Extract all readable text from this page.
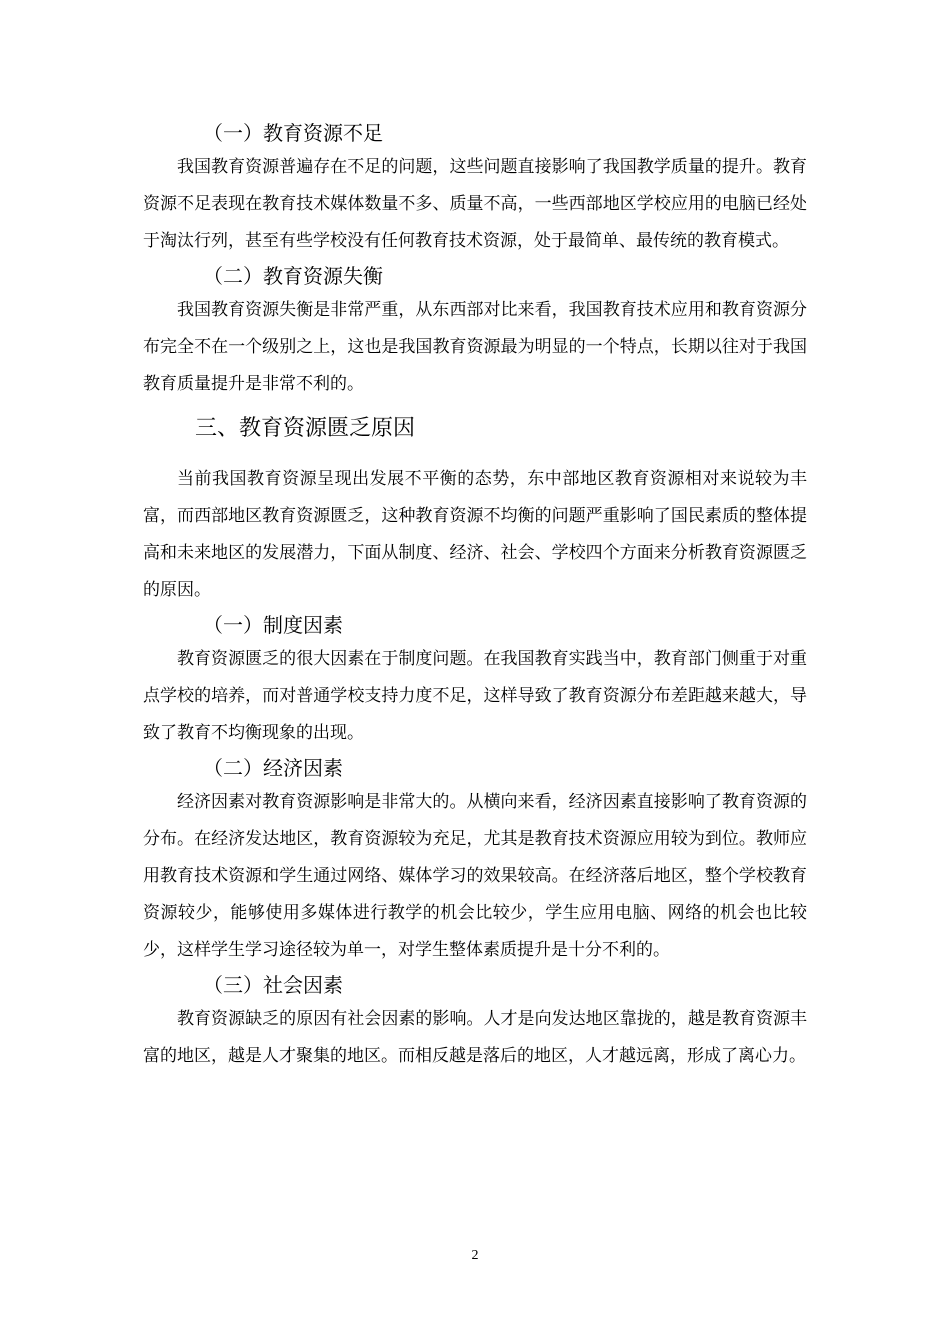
（一）教育资源不足

我国教育资源普遍存在不足的问题，这些问题直接影响了我国教学质量的提升。教育资源不足表现在教育技术媒体数量不多、质量不高，一些西部地区学校应用的电脑已经处于淘汰行列，甚至有些学校没有任何教育技术资源，处于最简单、最传统的教育模式。

（二）教育资源失衡

我国教育资源失衡是非常严重，从东西部对比来看，我国教育技术应用和教育资源分布完全不在一个级别之上，这也是我国教育资源最为明显的一个特点，长期以往对于我国教育质量提升是非常不利的。

三、教育资源匮乏原因

当前我国教育资源呈现出发展不平衡的态势，东中部地区教育资源相对来说较为丰富，而西部地区教育资源匮乏，这种教育资源不均衡的问题严重影响了国民素质的整体提高和未来地区的发展潜力，下面从制度、经济、社会、学校四个方面来分析教育资源匮乏的原因。

（一）制度因素

教育资源匮乏的很大因素在于制度问题。在我国教育实践当中，教育部门侧重于对重点学校的培养，而对普通学校支持力度不足，这样导致了教育资源分布差距越来越大，导致了教育不均衡现象的出现。

（二）经济因素

经济因素对教育资源影响是非常大的。从横向来看，经济因素直接影响了教育资源的分布。在经济发达地区，教育资源较为充足，尤其是教育技术资源应用较为到位。教师应用教育技术资源和学生通过网络、媒体学习的效果较高。在经济落后地区，整个学校教育资源较少，能够使用多媒体进行教学的机会比较少，学生应用电脑、网络的机会也比较少，这样学生学习途径较为单一，对学生整体素质提升是十分不利的。

（三）社会因素

教育资源缺乏的原因有社会因素的影响。人才是向发达地区靠拢的，越是教育资源丰富的地区，越是人才聚集的地区。而相反越是落后的地区，人才越远离，形成了离心力。

2
